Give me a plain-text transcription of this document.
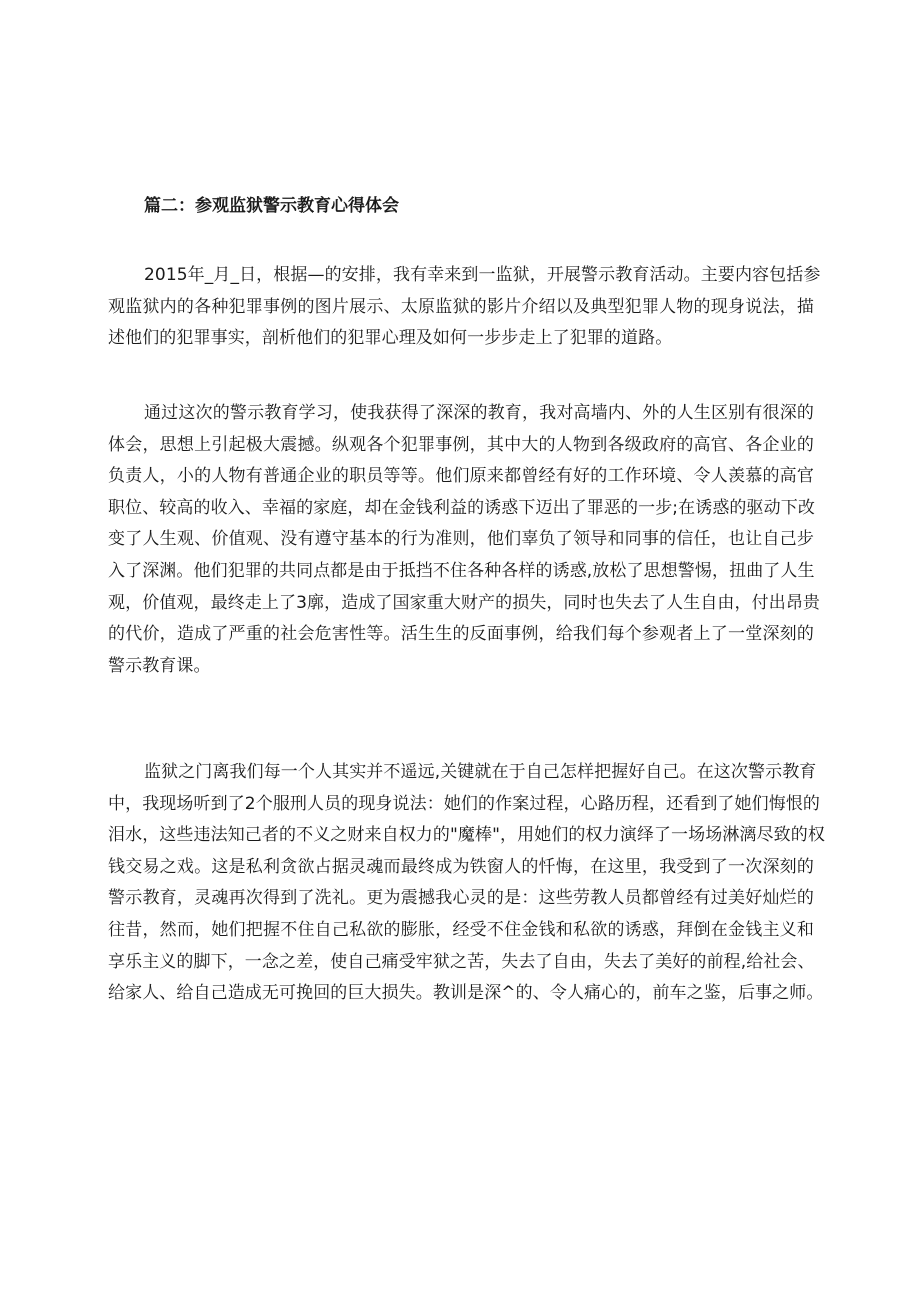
篇二：参观监狱警示教育心得体会
2015年_月_日，根据—的安排，我有幸来到一监狱，开展警示教育活动。主要内容包括参
观监狱内的各种犯罪事例的图片展示、太原监狱的影片介绍以及典型犯罪人物的现身说法，描
述他们的犯罪事实，剖析他们的犯罪心理及如何一步步走上了犯罪的道路。
通过这次的警示教育学习，使我获得了深深的教育，我对高墙内、外的人生区别有很深的
体会，思想上引起极大震撼。纵观各个犯罪事例，其中大的人物到各级政府的高官、各企业的
负责人，小的人物有普通企业的职员等等。他们原来都曾经有好的工作环境、令人羡慕的高官
职位、较高的收入、幸福的家庭，却在金钱利益的诱惑下迈出了罪恶的一步;在诱惑的驱动下改
变了人生观、价值观、没有遵守基本的行为准则，他们辜负了领导和同事的信任，也让自己步
入了深渊。他们犯罪的共同点都是由于抵挡不住各种各样的诱惑,放松了思想警惕，扭曲了人生
观，价值观，最终走上了3廓，造成了国家重大财产的损失，同时也失去了人生自由，付出昂贵
的代价，造成了严重的社会危害性等。活生生的反面事例，给我们每个参观者上了一堂深刻的
警示教育课。
监狱之门离我们每一个人其实并不遥远,关键就在于自己怎样把握好自己。在这次警示教育
中，我现场听到了2个服刑人员的现身说法：她们的作案过程，心路历程，还看到了她们悔恨的
泪水，这些违法知己者的不义之财来自权力的"魔棒"，用她们的权力演绎了一场场淋漓尽致的权
钱交易之戏。这是私利贪欲占据灵魂而最终成为铁窗人的忏悔，在这里，我受到了一次深刻的
警示教育，灵魂再次得到了洗礼。更为震撼我心灵的是：这些劳教人员都曾经有过美好灿烂的
往昔，然而，她们把握不住自己私欲的膨胀，经受不住金钱和私欲的诱惑，拜倒在金钱主义和
享乐主义的脚下，一念之差，使自己痛受牢狱之苦，失去了自由，失去了美好的前程,给社会、
给家人、给自己造成无可挽回的巨大损失。教训是深^的、令人痛心的，前车之鉴，后事之师。
